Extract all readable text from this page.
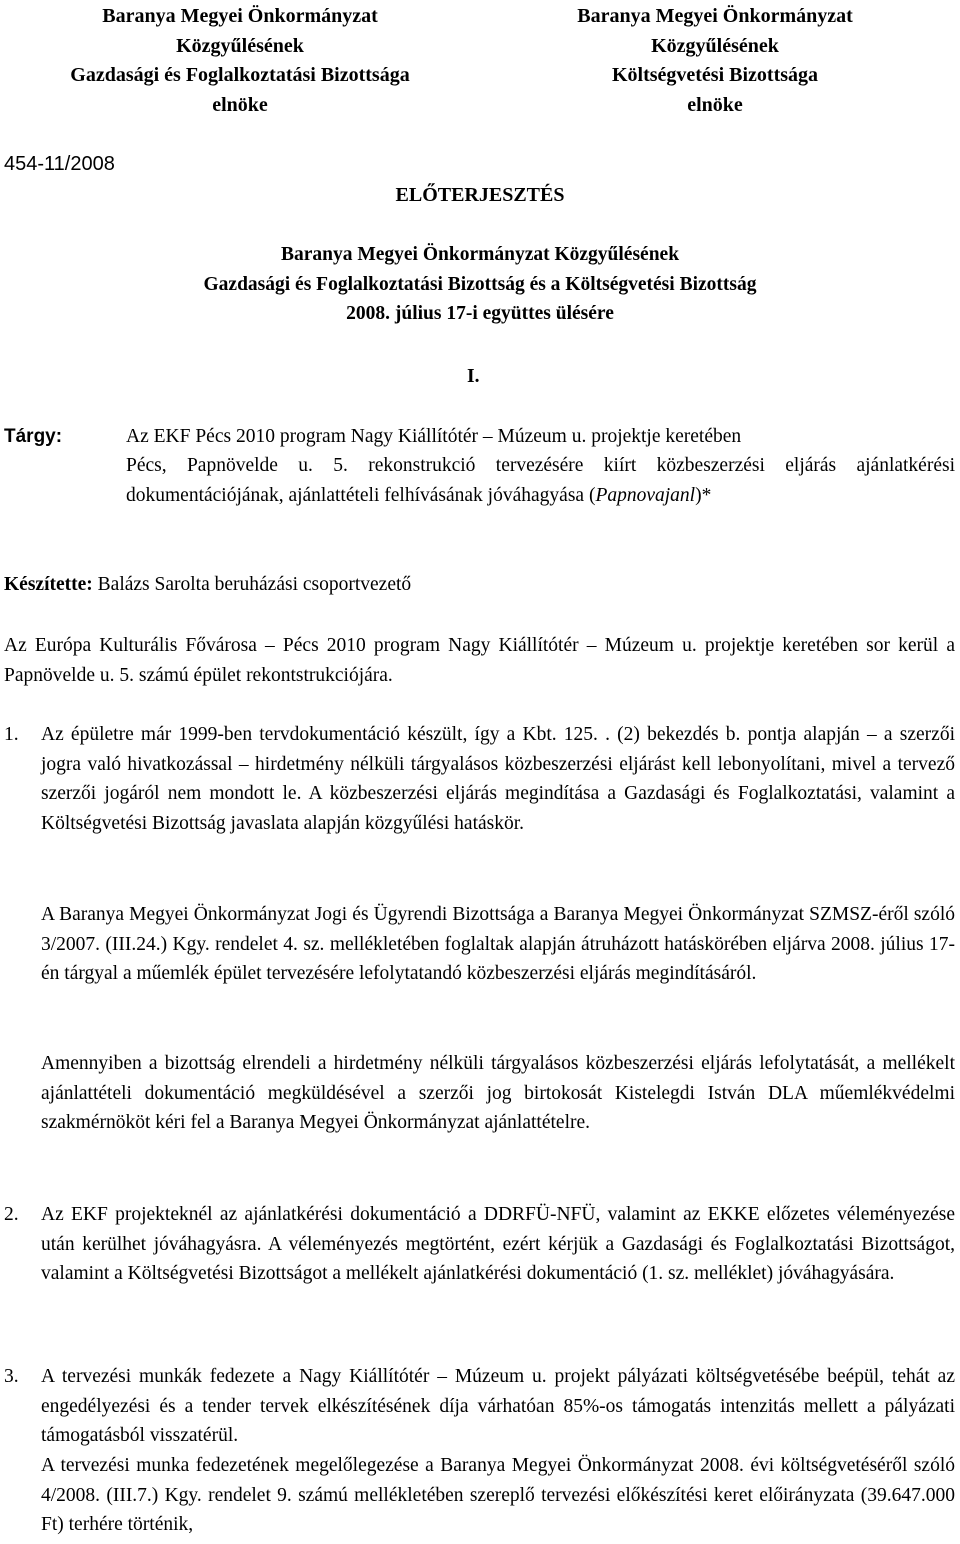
Baranya Megyei Önkormányzat
Közgyűlésének
Gazdasági és Foglalkoztatási Bizottsága
elnöke
Baranya Megyei Önkormányzat
Közgyűlésének
Költségvetési Bizottsága
elnöke
454-11/2008
ELŐTERJESZTÉS
Baranya Megyei Önkormányzat Közgyűlésének
Gazdasági és Foglalkoztatási Bizottság és a Költségvetési Bizottság
2008. július 17-i együttes ülésére
I.
Tárgy:	Az EKF Pécs 2010 program Nagy Kiállítótér – Múzeum u. projektje keretében
Pécs, Papnövelde u. 5. rekonstrukció tervezésére kiírt közbeszerzési eljárás ajánlatkérési dokumentációjának, ajánlattételi felhívásának jóváhagyása (Papnovajanl)*
Készítette: Balázs Sarolta beruházási csoportvezető
Az Európa Kulturális Fővárosa – Pécs 2010 program Nagy Kiállítótér – Múzeum u. projektje keretében sor kerül a Papnövelde u. 5. számú épület rekontstrukciójára.
1. Az épületre már 1999-ben tervdokumentáció készült, így a Kbt. 125. . (2) bekezdés b. pontja alapján – a szerzői jogra való hivatkozással – hirdetmény nélküli tárgyalásos közbeszerzési eljárást kell lebonyolítani, mivel a tervező szerzői jogáról nem mondott le. A közbeszerzési eljárás megindítása a Gazdasági és Foglalkoztatási, valamint a Költségvetési Bizottság javaslata alapján közgyűlési hatáskör.
A Baranya Megyei Önkormányzat Jogi és Ügyrendi Bizottsága a Baranya Megyei Önkormányzat SZMSZ-éről szóló 3/2007. (III.24.) Kgy. rendelet 4. sz. mellékletében foglaltak alapján átruházott hatáskörében eljárva 2008. július 17-én tárgyal a műemlék épület tervezésére lefolytatandó közbeszerzési eljárás megindításáról.
Amennyiben a bizottság elrendeli a hirdetmény nélküli tárgyalásos közbeszerzési eljárás lefolytatását, a mellékelt ajánlattételi dokumentáció megküldésével a szerzői jog birtokosát Kistelegdi István DLA műemlékvédelmi szakmérnököt kéri fel a Baranya Megyei Önkormányzat ajánlattételre.
2. Az EKF projekteknél az ajánlatkérési dokumentáció a DDRFÜ-NFÜ, valamint az EKKE előzetes véleményezése után kerülhet jóváhagyásra. A véleményezés megtörtént, ezért kérjük a Gazdasági és Foglalkoztatási Bizottságot, valamint a Költségvetési Bizottságot a mellékelt ajánlatkérési dokumentáció (1. sz. melléklet) jóváhagyására.
3. A tervezési munkák fedezete a Nagy Kiállítótér – Múzeum u. projekt pályázati költségvetésébe beépül, tehát az engedélyezési és a tender tervek elkészítésének díja várhatóan 85%-os támogatás intenzitás mellett a pályázati támogatásból visszatérül.
A tervezési munka fedezetének megelőlegezése a Baranya Megyei Önkormányzat 2008. évi költségvetéséről szóló 4/2008. (III.7.) Kgy. rendelet 9. számú mellékletében szereplő tervezési előkészítési keret előirányzata (39.647.000 Ft) terhére történik,
